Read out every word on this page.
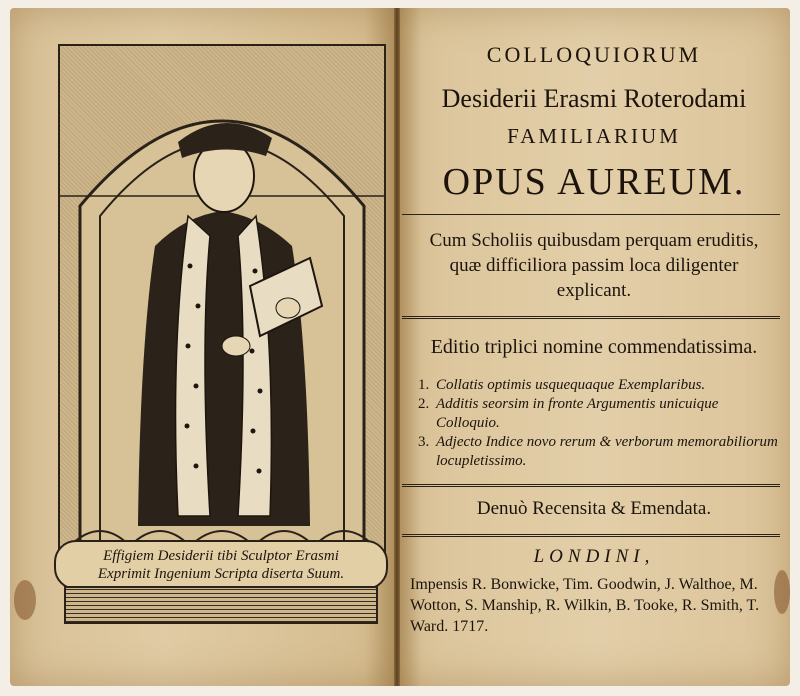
Effigiem Desiderii tibi Sculptor Erasmi
Exprimit Ingenium Scripta diserta Suum.
COLLOQUIORUM
Desiderii Erasmi Roterodami
FAMILIARIUM
OPUS AUREUM.
Cum Scholiis quibusdam perquam eruditis, quæ difficiliora passim loca diligenter explicant.
Editio triplici nomine commendatissima.
1. Collatis optimis usquequaque Exemplaribus.
2. Additis seorsim in fronte Argumentis unicuique Colloquio.
3. Adjecto Indice novo rerum & verborum memorabiliorum locupletissimo.
Denuò Recensita & Emendata.
LONDINI,
Impensis R. Bonwicke, Tim. Goodwin, J. Walthoe, M. Wotton, S. Manship, R. Wilkin, B. Tooke, R. Smith, T. Ward. 1717.
